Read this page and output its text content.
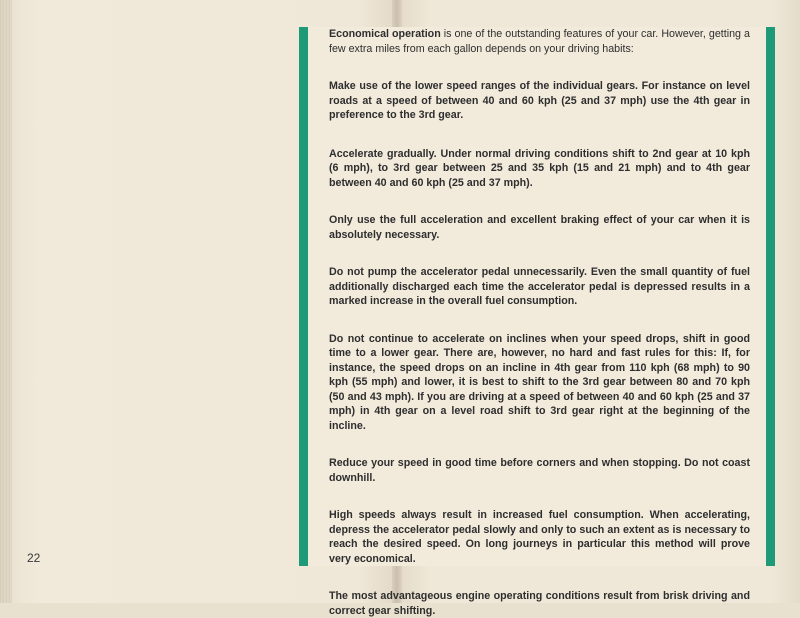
22

Economical operation is one of the outstanding features of your car. However, getting a few extra miles from each gallon depends on your driving habits:

Make use of the lower speed ranges of the individual gears. For instance on level roads at a speed of between 40 and 60 kph (25 and 37 mph) use the 4th gear in preference to the 3rd gear.

Accelerate gradually. Under normal driving conditions shift to 2nd gear at 10 kph (6 mph), to 3rd gear between 25 and 35 kph (15 and 21 mph) and to 4th gear between 40 and 60 kph (25 and 37 mph).

Only use the full acceleration and excellent braking effect of your car when it is absolutely necessary.

Do not pump the accelerator pedal unnecessarily. Even the small quantity of fuel additionally discharged each time the accelerator pedal is depressed results in a marked increase in the overall fuel consumption.

Do not continue to accelerate on inclines when your speed drops, shift in good time to a lower gear. There are, however, no hard and fast rules for this: If, for instance, the speed drops on an incline in 4th gear from 110 kph (68 mph) to 90 kph (55 mph) and lower, it is best to shift to the 3rd gear between 80 and 70 kph (50 and 43 mph). If you are driving at a speed of between 40 and 60 kph (25 and 37 mph) in 4th gear on a level road shift to 3rd gear right at the beginning of the incline.

Reduce your speed in good time before corners and when stopping. Do not coast downhill.

High speeds always result in increased fuel consumption. When accelerating, depress the accelerator pedal slowly and only to such an extent as is necessary to reach the desired speed. On long journeys in particular this method will prove very economical.

The most advantageous engine operating conditions result from brisk driving and correct gear shifting.
